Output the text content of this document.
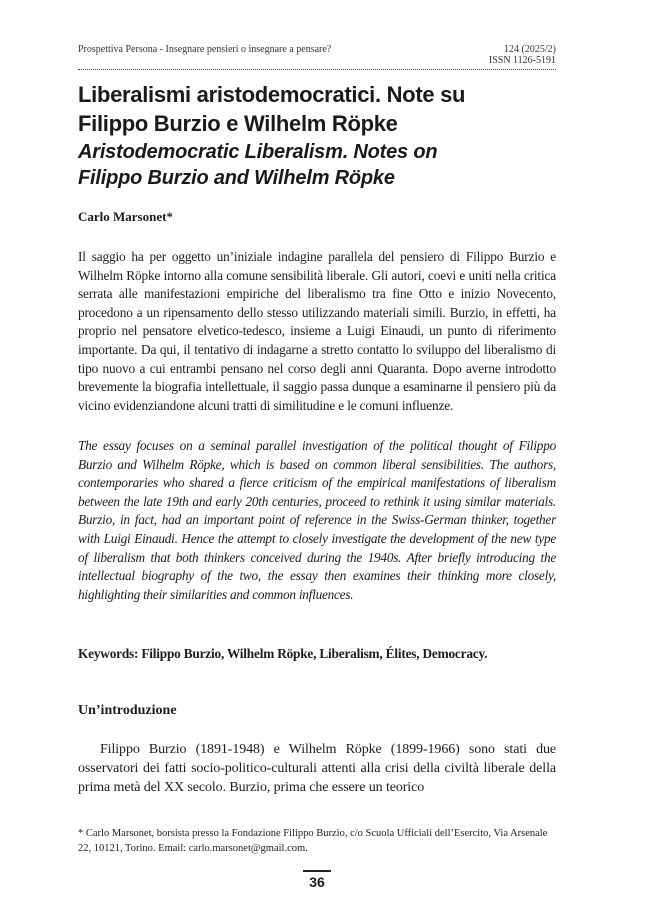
Prospettiva Persona - Insegnare pensieri o insegnare a pensare?	124 (2025/2)
ISSN 1126-5191
Liberalismi aristodemocratici. Note su
Filippo Burzio e Wilhelm Röpke
Aristodemocratic Liberalism. Notes on
Filippo Burzio and Wilhelm Röpke
Carlo Marsonet*

Il saggio ha per oggetto un’iniziale indagine parallela del pensiero di Filippo Burzio e Wilhelm Röpke intorno alla comune sensibilità liberale. Gli autori, coevi e uniti nella critica serrata alle manifestazioni empiriche del liberalismo tra fine Otto e inizio Novecento, procedono a un ripensamento dello stesso utilizzando materiali simili. Burzio, in effetti, ha proprio nel pensatore elvetico-tedesco, insieme a Luigi Einaudi, un punto di riferimento importante. Da qui, il tentativo di indagarne a stretto contatto lo sviluppo del liberalismo di tipo nuovo a cui entrambi pensano nel corso degli anni Quaranta. Dopo averne introdotto brevemente la biografia intellettuale, il saggio passa dunque a esaminarne il pensiero più da vicino evidenziandone alcuni tratti di similitudine e le comuni influenze.

The essay focuses on a seminal parallel investigation of the political thought of Filippo Burzio and Wilhelm Röpke, which is based on common liberal sensibilities. The authors, contemporaries who shared a fierce criticism of the empirical manifestations of liberalism between the late 19th and early 20th centuries, proceed to rethink it using similar materials. Burzio, in fact, had an important point of reference in the Swiss-German thinker, together with Luigi Einaudi. Hence the attempt to closely investigate the development of the new type of liberalism that both thinkers conceived during the 1940s. After briefly introducing the intellectual biography of the two, the essay then examines their thinking more closely, highlighting their similarities and common influences.

Keywords: Filippo Burzio, Wilhelm Röpke, Liberalism, Élites, Democracy.
Un’introduzione

Filippo Burzio (1891-1948) e Wilhelm Röpke (1899-1966) sono stati due osservatori dei fatti socio-politico-culturali attenti alla crisi della civiltà liberale della prima metà del XX secolo. Burzio, prima che essere un teorico

* Carlo Marsonet, borsista presso la Fondazione Filippo Burzio, c/o Scuola Ufficiali dell’Esercito, Via Arsenale 22, 10121, Torino. Email: carlo.marsonet@gmail.com.

36
